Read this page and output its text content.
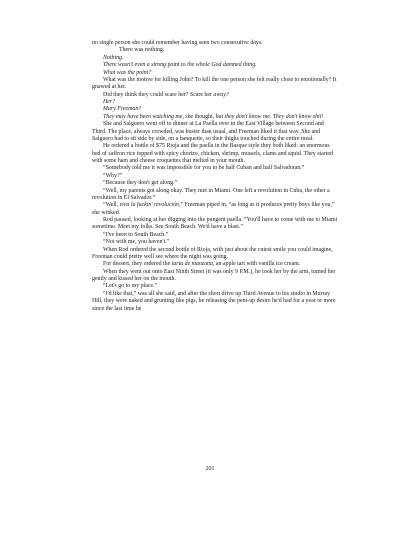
no single person she could remember having seen two consecutive days.

There was nothing.

Nothing.

There wasn't even a strong point to the whole God damned thing.

What was the point?

What was the motive for killing John? To kill the one person she felt really close to emotionally? It gnawed at her.

Did they think they could scare her? Scare her away?

Her?

Mary Freeman?

They may have been watching me, she thought, but they don't know me. They don't know shit!

She and Salguero went off to dinner at La Paella over in the East Village between Second and Third. The place, always crowded, was busier than usual, and Freeman liked it that way. She and Salguero had to sit side by side, on a banquette, so their thighs touched during the entire meal.

He ordered a bottle of $75 Rioja and the paella in the Basque style they both liked: an enormous bed of saffron rice topped with spicy chorizo, chicken, shrimp, mussels, clams and squid. They started with some ham and cheese croquettes that melted in your mouth.

“Somebody told me it was impossible for you to be half Cuban and half Salvadoran.”

“Why?”

“Because they don't get along.”

“Well, my parents got along okay. They met in Miami. One left a revolution in Cuba, the other a revolution in El Salvador.”

“Well, viva la fuckin' revolución,” Freeman piped in, “as long as it produces pretty boys like you,” she winked.

Rod paused, looking at her digging into the pungent paella. “You'll have to come with me to Miami sometime. Meet my folks. See South Beach. We'd have a blast.”

“I've been to South Beach.”

“Not with me, you haven't.”

When Rod ordered the second bottle of Rioja, with just about the cutest smile you could imagine, Freeman could pretty well see where the night was going.

For dessert, they ordered the tarta de manzana, an apple tart with vanilla ice cream.

When they went out onto East Ninth Street (it was only 9 P.M.), he took her by the arm, turned her gently and kissed her on the mouth.

“Let's go to my place.”

“I'd like that,” was all she said, and after the short drive up Third Avenue to his studio in Murray Hill, they were naked and grunting like pigs, he releasing the pent-up desire he'd had for a year or more since the last time he

201
